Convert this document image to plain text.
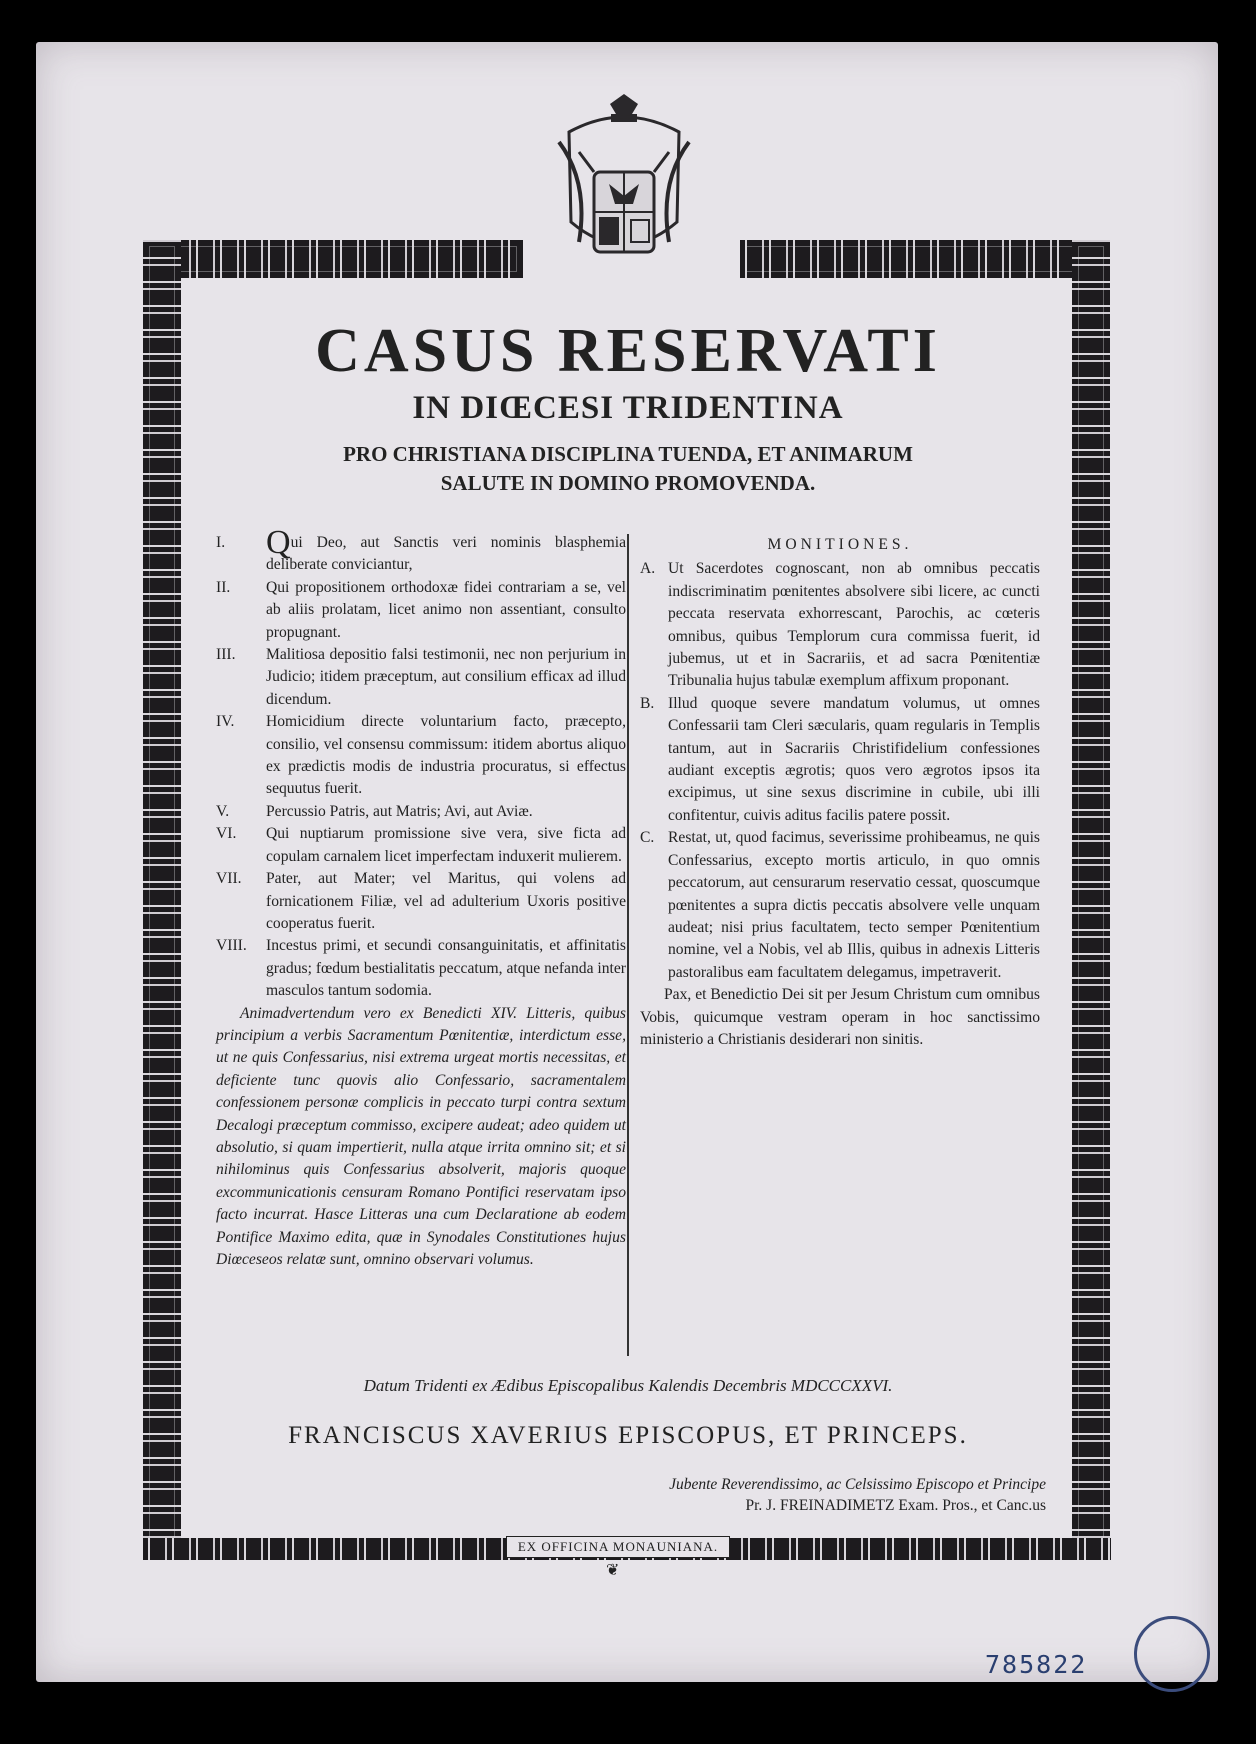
EX OFFICINA MONAUNIANA.
❦
CASUS RESERVATI
IN DIŒCESI TRIDENTINA
PRO CHRISTIANA DISCIPLINA TUENDA, ET ANIMARUM
SALUTE IN DOMINO PROMOVENDA.
I.	Qui Deo, aut Sanctis veri nominis blasphemia deliberate conviciantur,
II.	Qui propositionem orthodoxæ fidei contrariam a se, vel ab aliis prolatam, licet animo non assentiant, consulto propugnant.
III.	Malitiosa depositio falsi testimonii, nec non perjurium in Judicio; itidem præceptum, aut consilium efficax ad illud dicendum.
IV.	Homicidium directe voluntarium facto, præcepto, consilio, vel consensu commissum: itidem abortus aliquo ex prædictis modis de industria procuratus, si effectus sequutus fuerit.
V.	Percussio Patris, aut Matris; Avi, aut Aviæ.
VI.	Qui nuptiarum promissione sive vera, sive ficta ad copulam carnalem licet imperfectam induxerit mulierem.
VII.	Pater, aut Mater; vel Maritus, qui volens ad fornicationem Filiæ, vel ad adulterium Uxoris positive cooperatus fuerit.
VIII.	Incestus primi, et secundi consanguinitatis, et affinitatis gradus; fœdum bestialitatis peccatum, atque nefanda inter masculos tantum sodomia.
Animadvertendum vero ex Benedicti XIV. Litteris, quibus principium a verbis Sacramentum Pœnitentiæ, interdictum esse, ut ne quis Confessarius, nisi extrema urgeat mortis necessitas, et deficiente tunc quovis alio Confessario, sacramentalem confessionem personæ complicis in peccato turpi contra sextum Decalogi præceptum commisso, excipere audeat; adeo quidem ut absolutio, si quam impertierit, nulla atque irrita omnino sit; et si nihilominus quis Confessarius absolverit, majoris quoque excommunicationis censuram Romano Pontifici reservatam ipso facto incurrat. Hasce Litteras una cum Declaratione ab eodem Pontifice Maximo edita, quæ in Synodales Constitutiones hujus Diœceseos relatæ sunt, omnino observari volumus.
MONITIONES.
A. Ut Sacerdotes cognoscant, non ab omnibus peccatis indiscriminatim pœnitentes absolvere sibi licere, ac cuncti peccata reservata exhorrescant, Parochis, ac cœteris omnibus, quibus Templorum cura commissa fuerit, id jubemus, ut et in Sacrariis, et ad sacra Pœnitentiæ Tribunalia hujus tabulæ exemplum affixum proponant.
B. Illud quoque severe mandatum volumus, ut omnes Confessarii tam Cleri sæcularis, quam regularis in Templis tantum, aut in Sacrariis Christifidelium confessiones audiant exceptis ægrotis; quos vero ægrotos ipsos ita excipimus, ut sine sexus discrimine in cubile, ubi illi confitentur, cuivis aditus facilis patere possit.
C. Restat, ut, quod facimus, severissime prohibeamus, ne quis Confessarius, excepto mortis articulo, in quo omnis peccatorum, aut censurarum reservatio cessat, quoscumque pœnitentes a supra dictis peccatis absolvere velle unquam audeat; nisi prius facultatem, tecto semper Pœnitentium nomine, vel a Nobis, vel ab Illis, quibus in adnexis Litteris pastoralibus eam facultatem delegamus, impetraverit.
Pax, et Benedictio Dei sit per Jesum Christum cum omnibus Vobis, quicumque vestram operam in hoc sanctissimo ministerio a Christianis desiderari non sinitis.
Datum Tridenti ex Ædibus Episcopalibus Kalendis Decembris MDCCCXXVI.
FRANCISCUS XAVERIUS EPISCOPUS, ET PRINCEPS.
Jubente Reverendissimo, ac Celsissimo Episcopo et Principe
Pr. J. FREINADIMETZ Exam. Pros., et Canc.us
785822
